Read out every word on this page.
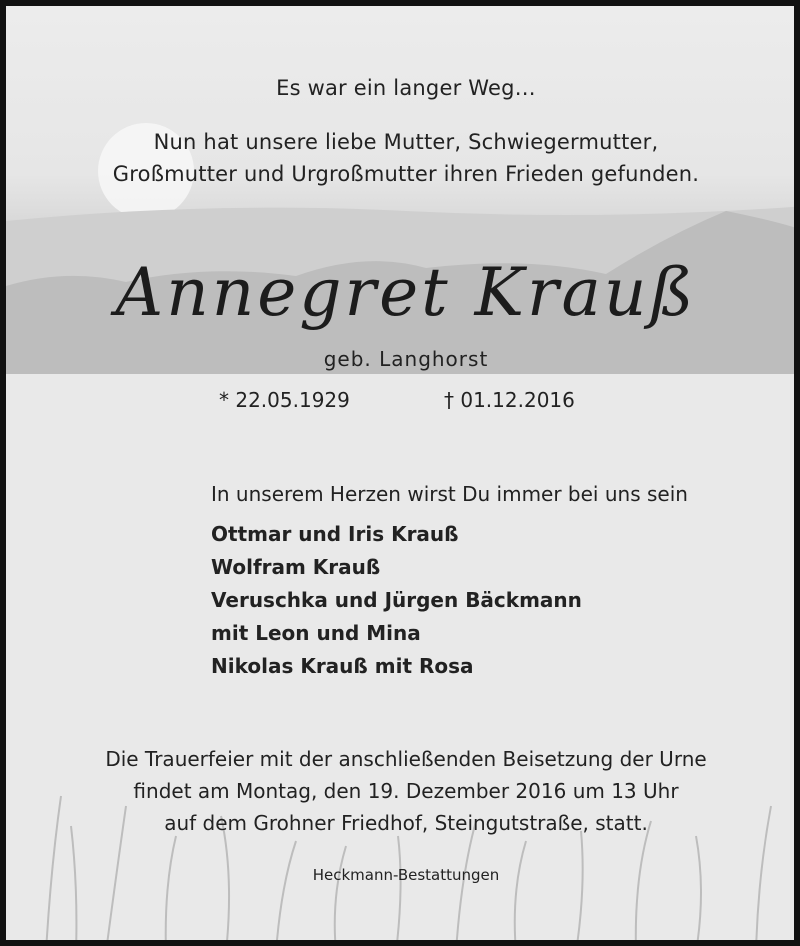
Es war ein langer Weg…
Nun hat unsere liebe Mutter, Schwiegermutter,
Großmutter und Urgroßmutter ihren Frieden gefunden.
Annegret Krauß
geb. Langhorst
* 22.05.1929	† 01.12.2016
In unserem Herzen wirst Du immer bei uns sein
Ottmar und Iris Krauß
Wolfram Krauß
Veruschka und Jürgen Bäckmann
mit Leon und Mina
Nikolas Krauß mit Rosa
Die Trauerfeier mit der anschließenden Beisetzung der Urne
findet am Montag, den 19. Dezember 2016 um 13 Uhr
auf dem Grohner Friedhof, Steingutstraße, statt.
Heckmann-Bestattungen
